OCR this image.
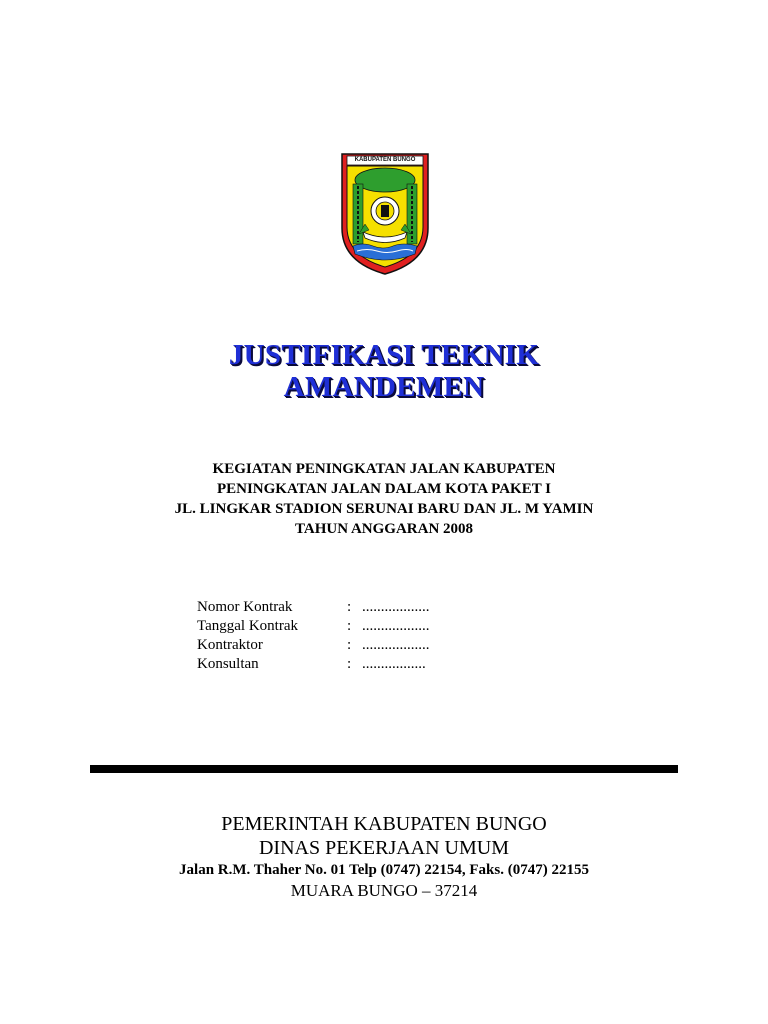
KABUPATEN BUNGO
JUSTIFIKASI TEKNIK
AMANDEMEN
KEGIATAN PENINGKATAN JALAN KABUPATEN
PENINGKATAN JALAN DALAM KOTA PAKET I
JL. LINGKAR STADION SERUNAI BARU DAN JL. M YAMIN
TAHUN ANGGARAN 2008
Nomor Kontrak	: ..................
Tanggal Kontrak	: ..................
Kontraktor	: ..................
Konsultan	: .................
PEMERINTAH KABUPATEN BUNGO
DINAS PEKERJAAN UMUM
Jalan R.M. Thaher No. 01 Telp (0747) 22154, Faks. (0747) 22155
MUARA BUNGO – 37214
